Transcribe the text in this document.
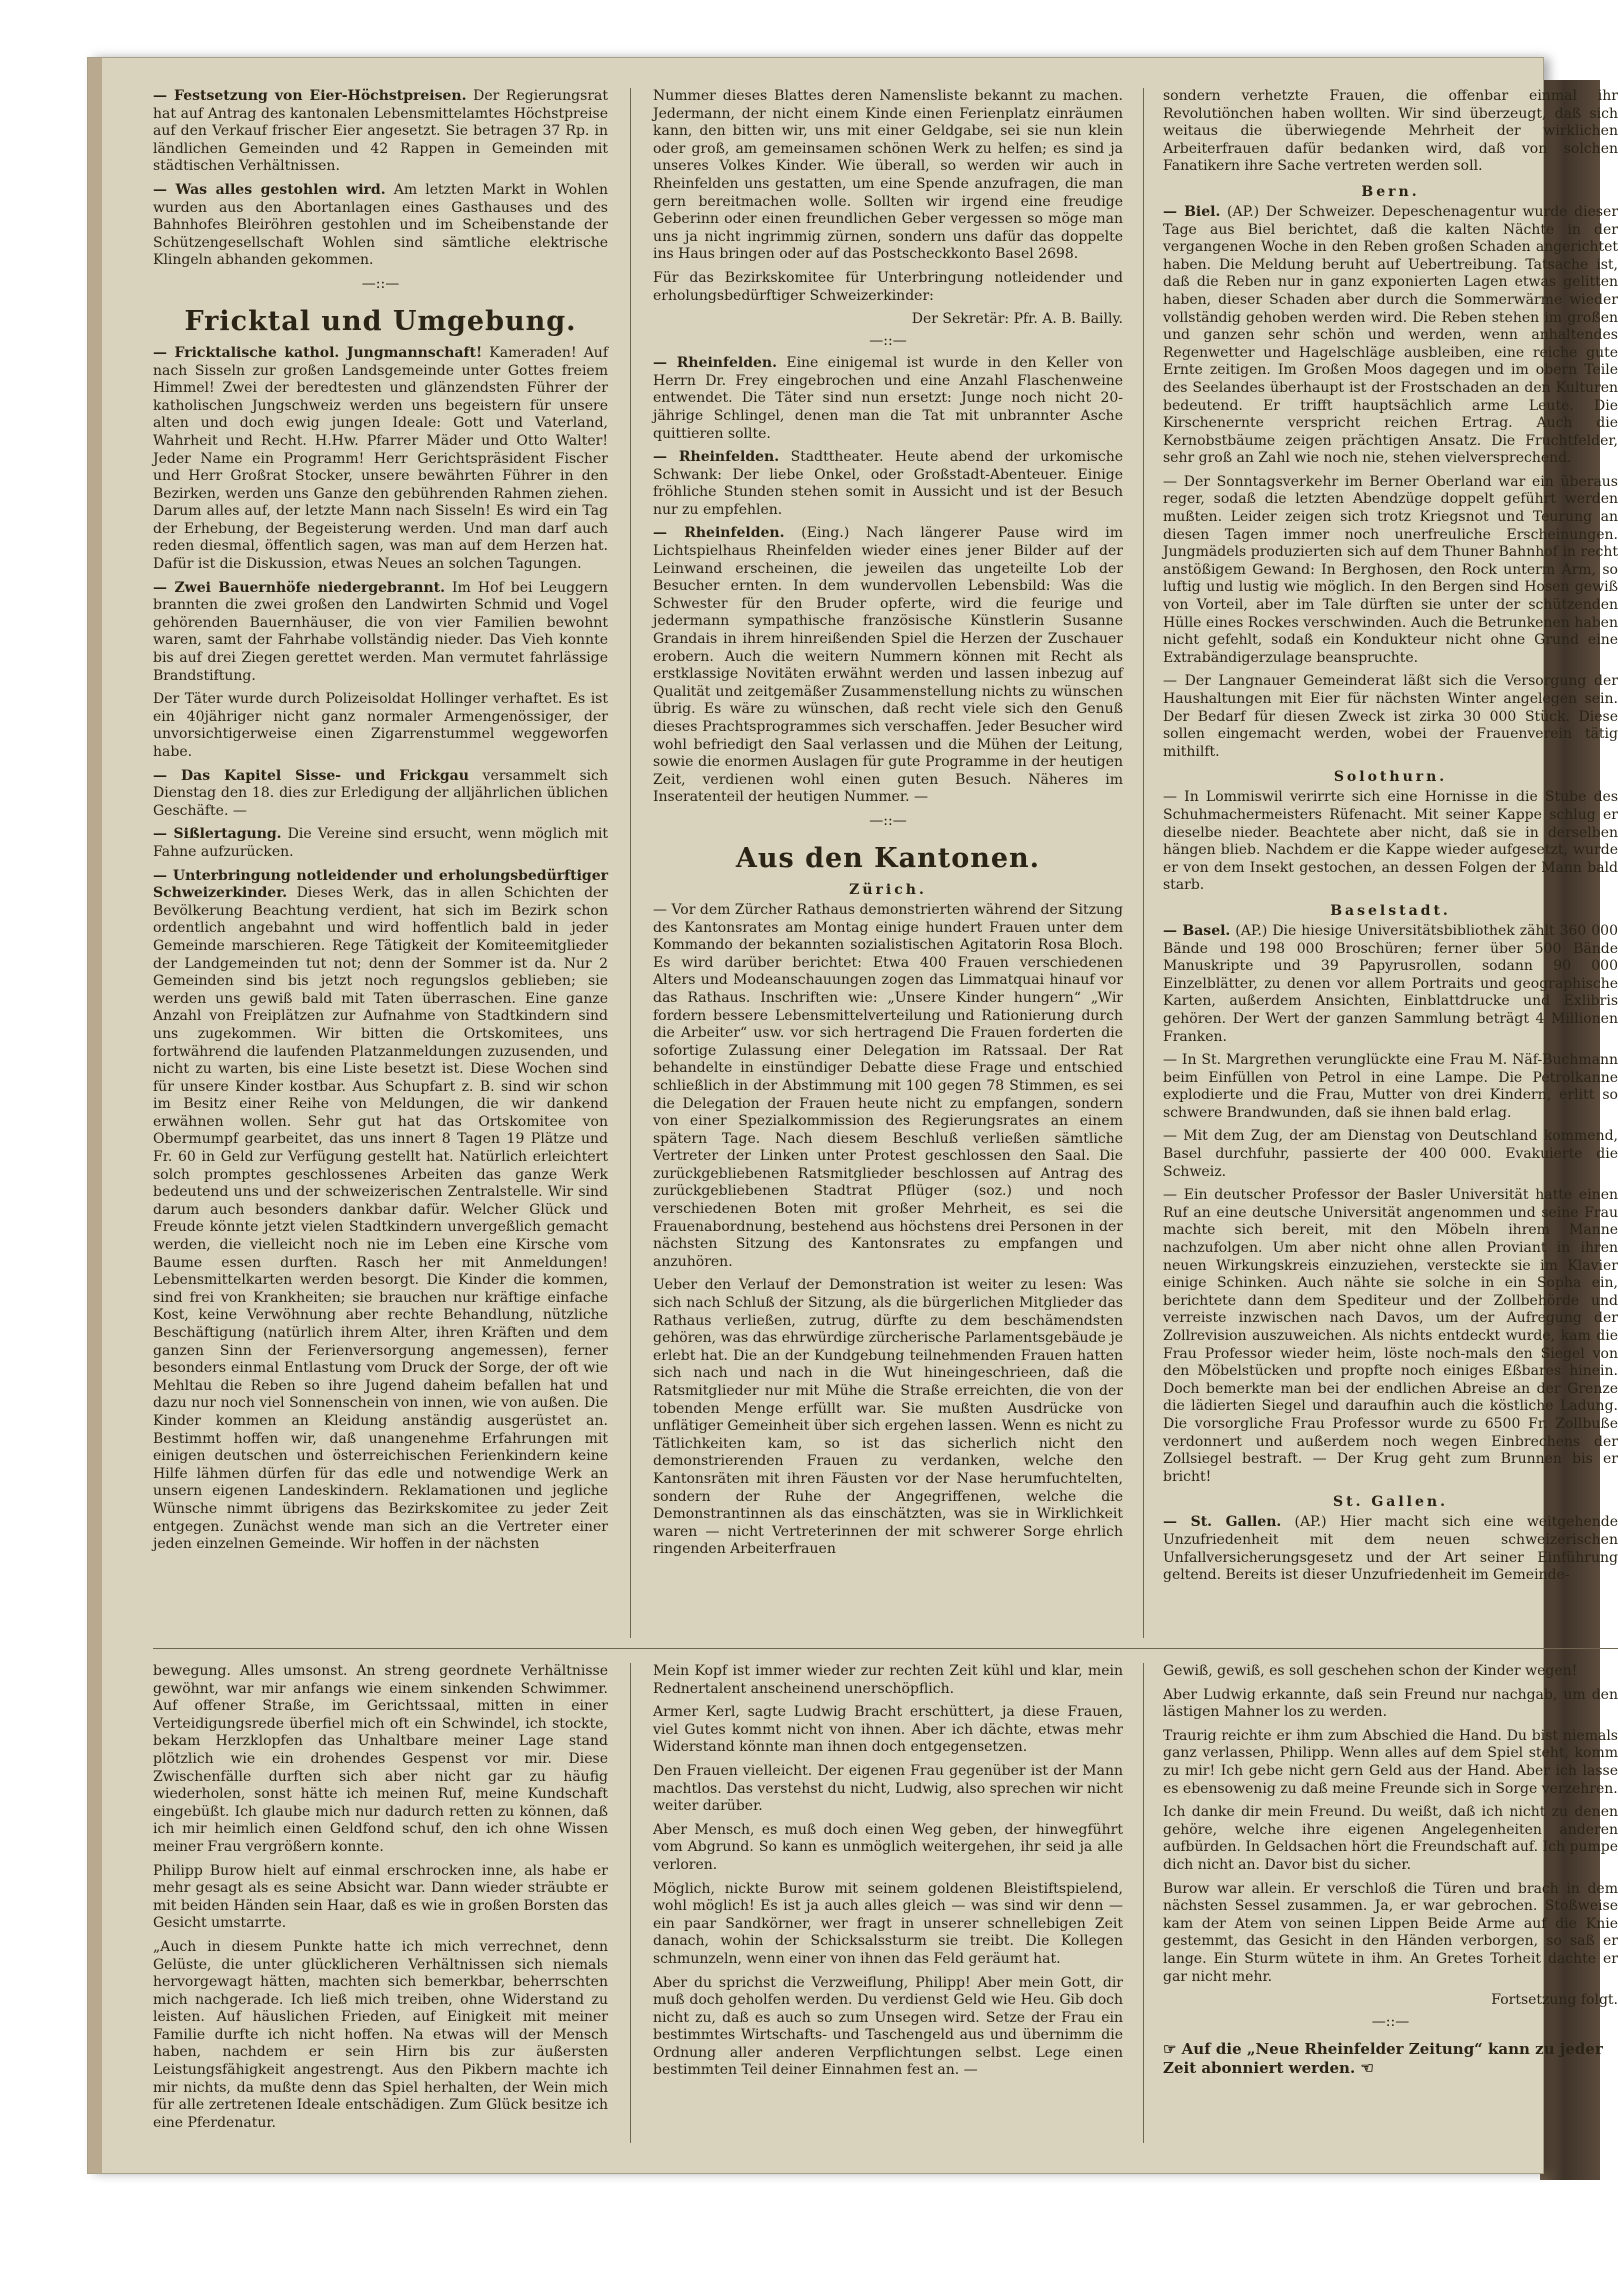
— Festsetzung von Eier-Höchstpreisen. Der Regierungsrat hat auf Antrag des kantonalen Lebensmittelamtes Höchstpreise auf den Verkauf frischer Eier angesetzt. Sie betragen 37 Rp. in ländlichen Gemeinden und 42 Rappen in Gemeinden mit städtischen Verhältnissen.

— Was alles gestohlen wird. Am letzten Markt in Wohlen wurden aus den Abortanlagen eines Gasthauses und des Bahnhofes Bleiröhren gestohlen und im Scheibenstande der Schützengesellschaft Wohlen sind sämtliche elektrische Klingeln abhanden gekommen.

—::—
Fricktal und Umgebung.

— Fricktalische kathol. Jungmannschaft! Kameraden! Auf nach Sisseln zur großen Landsgemeinde unter Gottes freiem Himmel! Zwei der beredtesten und glänzendsten Führer der katholischen Jungschweiz werden uns begeistern für unsere alten und doch ewig jungen Ideale: Gott und Vaterland, Wahrheit und Recht. H.Hw. Pfarrer Mäder und Otto Walter! Jeder Name ein Programm! Herr Gerichtspräsident Fischer und Herr Großrat Stocker, unsere bewährten Führer in den Bezirken, werden uns Ganze den gebührenden Rahmen ziehen. Darum alles auf, der letzte Mann nach Sisseln! Es wird ein Tag der Erhebung, der Begeisterung werden. Und man darf auch reden diesmal, öffentlich sagen, was man auf dem Herzen hat. Dafür ist die Diskussion, etwas Neues an solchen Tagungen.

— Zwei Bauernhöfe niedergebrannt. Im Hof bei Leuggern brannten die zwei großen den Landwirten Schmid und Vogel gehörenden Bauernhäuser, die von vier Familien bewohnt waren, samt der Fahrhabe vollständig nieder. Das Vieh konnte bis auf drei Ziegen gerettet werden. Man vermutet fahrlässige Brandstiftung.

Der Täter wurde durch Polizeisoldat Hollinger verhaftet. Es ist ein 40jähriger nicht ganz normaler Armengenössiger, der unvorsichtigerweise einen Zigarrenstummel weggeworfen habe.

— Das Kapitel Sisse- und Frickgau versammelt sich Dienstag den 18. dies zur Erledigung der alljährlichen üblichen Geschäfte. —

— Sißlertagung. Die Vereine sind ersucht, wenn möglich mit Fahne aufzurücken.

— Unterbringung notleidender und erholungsbedürftiger Schweizerkinder. Dieses Werk, das in allen Schichten der Bevölkerung Beachtung verdient, hat sich im Bezirk schon ordentlich angebahnt und wird hoffentlich bald in jeder Gemeinde marschieren. Rege Tätigkeit der Komiteemitglieder der Landgemeinden tut not; denn der Sommer ist da. Nur 2 Gemeinden sind bis jetzt noch regungslos geblieben; sie werden uns gewiß bald mit Taten überraschen. Eine ganze Anzahl von Freiplätzen zur Aufnahme von Stadtkindern sind uns zugekommen. Wir bitten die Ortskomitees, uns fortwährend die laufenden Platzanmeldungen zuzusenden, und nicht zu warten, bis eine Liste besetzt ist. Diese Wochen sind für unsere Kinder kostbar. Aus Schupfart z. B. sind wir schon im Besitz einer Reihe von Meldungen, die wir dankend erwähnen wollen. Sehr gut hat das Ortskomitee von Obermumpf gearbeitet, das uns innert 8 Tagen 19 Plätze und Fr. 60 in Geld zur Verfügung gestellt hat. Natürlich erleichtert solch promptes geschlossenes Arbeiten das ganze Werk bedeutend uns und der schweizerischen Zentralstelle. Wir sind darum auch besonders dankbar dafür. Welcher Glück und Freude könnte jetzt vielen Stadtkindern unvergeßlich gemacht werden, die vielleicht noch nie im Leben eine Kirsche vom Baume essen durften. Rasch her mit Anmeldungen! Lebensmittelkarten werden besorgt. Die Kinder die kommen, sind frei von Krankheiten; sie brauchen nur kräftige einfache Kost, keine Verwöhnung aber rechte Behandlung, nützliche Beschäftigung (natürlich ihrem Alter, ihren Kräften und dem ganzen Sinn der Ferienversorgung angemessen), ferner besonders einmal Entlastung vom Druck der Sorge, der oft wie Mehltau die Reben so ihre Jugend daheim befallen hat und dazu nur noch viel Sonnenschein von innen, wie von außen. Die Kinder kommen an Kleidung anständig ausgerüstet an. Bestimmt hoffen wir, daß unangenehme Erfahrungen mit einigen deutschen und österreichischen Ferienkindern keine Hilfe lähmen dürfen für das edle und notwendige Werk an unsern eigenen Landeskindern. Reklamationen und jegliche Wünsche nimmt übrigens das Bezirkskomitee zu jeder Zeit entgegen. Zunächst wende man sich an die Vertreter einer jeden einzelnen Gemeinde. Wir hoffen in der nächsten

Nummer dieses Blattes deren Namensliste bekannt zu machen. Jedermann, der nicht einem Kinde einen Ferienplatz einräumen kann, den bitten wir, uns mit einer Geldgabe, sei sie nun klein oder groß, am gemeinsamen schönen Werk zu helfen; es sind ja unseres Volkes Kinder. Wie überall, so werden wir auch in Rheinfelden uns gestatten, um eine Spende anzufragen, die man gern bereitmachen wolle. Sollten wir irgend eine freudige Geberinn oder einen freundlichen Geber vergessen so möge man uns ja nicht ingrimmig zürnen, sondern uns dafür das doppelte ins Haus bringen oder auf das Postscheckkonto Basel 2698.

Für das Bezirkskomitee für Unterbringung notleidender und erholungsbedürftiger Schweizerkinder:

Der Sekretär: Pfr. A. B. Bailly.
—::—

— Rheinfelden. Eine einigemal ist wurde in den Keller von Herrn Dr. Frey eingebrochen und eine Anzahl Flaschenweine entwendet. Die Täter sind nun ersetzt: Junge noch nicht 20-jährige Schlingel, denen man die Tat mit unbrannter Asche quittieren sollte.

— Rheinfelden. Stadttheater. Heute abend der urkomische Schwank: Der liebe Onkel, oder Großstadt-Abenteuer. Einige fröhliche Stunden stehen somit in Aussicht und ist der Besuch nur zu empfehlen.

— Rheinfelden. (Eing.) Nach längerer Pause wird im Lichtspielhaus Rheinfelden wieder eines jener Bilder auf der Leinwand erscheinen, die jeweilen das ungeteilte Lob der Besucher ernten. In dem wundervollen Lebensbild: Was die Schwester für den Bruder opferte, wird die feurige und jedermann sympathische französische Künstlerin Susanne Grandais in ihrem hinreißenden Spiel die Herzen der Zuschauer erobern. Auch die weitern Nummern können mit Recht als erstklassige Novitäten erwähnt werden und lassen inbezug auf Qualität und zeitgemäßer Zusammenstellung nichts zu wünschen übrig. Es wäre zu wünschen, daß recht viele sich den Genuß dieses Prachtsprogrammes sich verschaffen. Jeder Besucher wird wohl befriedigt den Saal verlassen und die Mühen der Leitung, sowie die enormen Auslagen für gute Programme in der heutigen Zeit, verdienen wohl einen guten Besuch. Näheres im Inseratenteil der heutigen Nummer. —

—::—
Aus den Kantonen.
Zürich.

— Vor dem Zürcher Rathaus demonstrierten während der Sitzung des Kantonsrates am Montag einige hundert Frauen unter dem Kommando der bekannten sozialistischen Agitatorin Rosa Bloch. Es wird darüber berichtet: Etwa 400 Frauen verschiedenen Alters und Modeanschauungen zogen das Limmatquai hinauf vor das Rathaus. Inschriften wie: „Unsere Kinder hungern“ „Wir fordern bessere Lebensmittelverteilung und Rationierung durch die Arbeiter“ usw. vor sich hertragend Die Frauen forderten die sofortige Zulassung einer Delegation im Ratssaal. Der Rat behandelte in einstündiger Debatte diese Frage und entschied schließlich in der Abstimmung mit 100 gegen 78 Stimmen, es sei die Delegation der Frauen heute nicht zu empfangen, sondern von einer Spezialkommission des Regierungsrates an einem spätern Tage. Nach diesem Beschluß verließen sämtliche Vertreter der Linken unter Protest geschlossen den Saal. Die zurückgebliebenen Ratsmitglieder beschlossen auf Antrag des zurückgebliebenen Stadtrat Pflüger (soz.) und noch verschiedenen Boten mit großer Mehrheit, es sei die Frauenabordnung, bestehend aus höchstens drei Personen in der nächsten Sitzung des Kantonsrates zu empfangen und anzuhören.

Ueber den Verlauf der Demonstration ist weiter zu lesen: Was sich nach Schluß der Sitzung, als die bürgerlichen Mitglieder das Rathaus verließen, zutrug, dürfte zu dem beschämendsten gehören, was das ehrwürdige zürcherische Parlamentsgebäude je erlebt hat. Die an der Kundgebung teilnehmenden Frauen hatten sich nach und nach in die Wut hineingeschrieen, daß die Ratsmitglieder nur mit Mühe die Straße erreichten, die von der tobenden Menge erfüllt war. Sie mußten Ausdrücke von unflätiger Gemeinheit über sich ergehen lassen. Wenn es nicht zu Tätlichkeiten kam, so ist das sicherlich nicht den demonstrierenden Frauen zu verdanken, welche den Kantonsräten mit ihren Fäusten vor der Nase herumfuchtelten, sondern der Ruhe der Angegriffenen, welche die Demonstrantinnen als das einschätzten, was sie in Wirklichkeit waren — nicht Vertreterinnen der mit schwerer Sorge ehrlich ringenden Arbeiterfrauen

sondern verhetzte Frauen, die offenbar einmal ihr Revolutiönchen haben wollten. Wir sind überzeugt, daß sich weitaus die überwiegende Mehrheit der wirklichen Arbeiterfrauen dafür bedanken wird, daß von solchen Fanatikern ihre Sache vertreten werden soll.

Bern.

— Biel. (AP.) Der Schweizer. Depeschenagentur wurde dieser Tage aus Biel berichtet, daß die kalten Nächte in der vergangenen Woche in den Reben großen Schaden angerichtet haben. Die Meldung beruht auf Uebertreibung. Tatsache ist, daß die Reben nur in ganz exponierten Lagen etwas gelitten haben, dieser Schaden aber durch die Sommerwärme wieder vollständig gehoben werden wird. Die Reben stehen im großen und ganzen sehr schön und werden, wenn anhaltendes Regenwetter und Hagelschläge ausbleiben, eine reiche gute Ernte zeitigen. Im Großen Moos dagegen und im obern Teile des Seelandes überhaupt ist der Frostschaden an den Kulturen bedeutend. Er trifft hauptsächlich arme Leute. Die Kirschenernte verspricht reichen Ertrag. Auch die Kernobstbäume zeigen prächtigen Ansatz. Die Fruchtfelder, sehr groß an Zahl wie noch nie, stehen vielversprechend.

— Der Sonntagsverkehr im Berner Oberland war ein überaus reger, sodaß die letzten Abendzüge doppelt geführt werden mußten. Leider zeigen sich trotz Kriegsnot und Teurung an diesen Tagen immer noch unerfreuliche Erscheinungen. Jungmädels produzierten sich auf dem Thuner Bahnhof in recht anstößigem Gewand: In Berghosen, den Rock unterm Arm, so luftig und lustig wie möglich. In den Bergen sind Hosen gewiß von Vorteil, aber im Tale dürften sie unter der schützenden Hülle eines Rockes verschwinden. Auch die Betrunkenen haben nicht gefehlt, sodaß ein Kondukteur nicht ohne Grund eine Extrabändigerzulage beanspruchte.

— Der Langnauer Gemeinderat läßt sich die Versorgung der Haushaltungen mit Eier für nächsten Winter angelegen sein. Der Bedarf für diesen Zweck ist zirka 30 000 Stück. Diese sollen eingemacht werden, wobei der Frauenverein tätig mithilft.

Solothurn.

— In Lommiswil verirrte sich eine Hornisse in die Stube des Schuhmachermeisters Rüfenacht. Mit seiner Kappe schlug er dieselbe nieder. Beachtete aber nicht, daß sie in derselben hängen blieb. Nachdem er die Kappe wieder aufgesetzt, wurde er von dem Insekt gestochen, an dessen Folgen der Mann bald starb.

Baselstadt.

— Basel. (AP.) Die hiesige Universitätsbibliothek zählt 360 000 Bände und 198 000 Broschüren; ferner über 500 Bände Manuskripte und 39 Papyrusrollen, sodann 90 000 Einzelblätter, zu denen vor allem Portraits und geographische Karten, außerdem Ansichten, Einblattdrucke und Exlibris gehören. Der Wert der ganzen Sammlung beträgt 4 Millionen Franken.

— In St. Margrethen verunglückte eine Frau M. Näf-Buchmann beim Einfüllen von Petrol in eine Lampe. Die Petrolkanne explodierte und die Frau, Mutter von drei Kindern, erlitt so schwere Brandwunden, daß sie ihnen bald erlag.

— Mit dem Zug, der am Dienstag von Deutschland kommend, Basel durchfuhr, passierte der 400 000. Evakuierte die Schweiz.

— Ein deutscher Professor der Basler Universität hatte einen Ruf an eine deutsche Universität angenommen und seine Frau machte sich bereit, mit den Möbeln ihrem Manne nachzufolgen. Um aber nicht ohne allen Proviant in ihren neuen Wirkungskreis einzuziehen, versteckte sie im Klavier einige Schinken. Auch nähte sie solche in ein Sopha ein, berichtete dann dem Spediteur und der Zollbehörde und verreiste inzwischen nach Davos, um der Aufregung der Zollrevision auszuweichen. Als nichts entdeckt wurde, kam die Frau Professor wieder heim, löste noch-mals den Siegel von den Möbelstücken und propfte noch einiges Eßbares hinein. Doch bemerkte man bei der endlichen Abreise an der Grenze die lädierten Siegel und daraufhin auch die köstliche Ladung. Die vorsorgliche Frau Professor wurde zu 6500 Fr. Zollbuße verdonnert und außerdem noch wegen Einbrechens der Zollsiegel bestraft. — Der Krug geht zum Brunnen bis er bricht!

St. Gallen.

— St. Gallen. (AP.) Hier macht sich eine weitgehende Unzufriedenheit mit dem neuen schweizerischen Unfallversicherungsgesetz und der Art seiner Einführung geltend. Bereits ist dieser Unzufriedenheit im Gemeinde-

bewegung. Alles umsonst. An streng geordnete Verhältnisse gewöhnt, war mir anfangs wie einem sinkenden Schwimmer. Auf offener Straße, im Gerichtssaal, mitten in einer Verteidigungsrede überfiel mich oft ein Schwindel, ich stockte, bekam Herzklopfen das Unhaltbare meiner Lage stand plötzlich wie ein drohendes Gespenst vor mir. Diese Zwischenfälle durften sich aber nicht gar zu häufig wiederholen, sonst hätte ich meinen Ruf, meine Kundschaft eingebüßt. Ich glaube mich nur dadurch retten zu können, daß ich mir heimlich einen Geldfond schuf, den ich ohne Wissen meiner Frau vergrößern konnte.

Philipp Burow hielt auf einmal erschrocken inne, als habe er mehr gesagt als es seine Absicht war. Dann wieder sträubte er mit beiden Händen sein Haar, daß es wie in großen Borsten das Gesicht umstarrte.

„Auch in diesem Punkte hatte ich mich verrechnet, denn Gelüste, die unter glücklicheren Verhältnissen sich niemals hervorgewagt hätten, machten sich bemerkbar, beherrschten mich nachgerade. Ich ließ mich treiben, ohne Widerstand zu leisten. Auf häuslichen Frieden, auf Einigkeit mit meiner Familie durfte ich nicht hoffen. Na etwas will der Mensch haben, nachdem er sein Hirn bis zur äußersten Leistungsfähigkeit angestrengt. Aus den Pikbern machte ich mir nichts, da mußte denn das Spiel herhalten, der Wein mich für alle zertretenen Ideale entschädigen. Zum Glück besitze ich eine Pferdenatur.

Mein Kopf ist immer wieder zur rechten Zeit kühl und klar, mein Rednertalent anscheinend unerschöpflich.

Armer Kerl, sagte Ludwig Bracht erschüttert, ja diese Frauen, viel Gutes kommt nicht von ihnen. Aber ich dächte, etwas mehr Widerstand könnte man ihnen doch entgegensetzen.

Den Frauen vielleicht. Der eigenen Frau gegenüber ist der Mann machtlos. Das verstehst du nicht, Ludwig, also sprechen wir nicht weiter darüber.

Aber Mensch, es muß doch einen Weg geben, der hinwegführt vom Abgrund. So kann es unmöglich weitergehen, ihr seid ja alle verloren.

Möglich, nickte Burow mit seinem goldenen Bleistiftspielend, wohl möglich! Es ist ja auch alles gleich — was sind wir denn — ein paar Sandkörner, wer fragt in unserer schnellebigen Zeit danach, wohin der Schicksalssturm sie treibt. Die Kollegen schmunzeln, wenn einer von ihnen das Feld geräumt hat.

Aber du sprichst die Verzweiflung, Philipp! Aber mein Gott, dir muß doch geholfen werden. Du verdienst Geld wie Heu. Gib doch nicht zu, daß es auch so zum Unsegen wird. Setze der Frau ein bestimmtes Wirtschafts- und Taschengeld aus und übernimm die Ordnung aller anderen Verpflichtungen selbst. Lege einen bestimmten Teil deiner Einnahmen fest an. —

Gewiß, gewiß, es soll geschehen schon der Kinder wegen!

Aber Ludwig erkannte, daß sein Freund nur nachgab, um den lästigen Mahner los zu werden.

Traurig reichte er ihm zum Abschied die Hand. Du bist niemals ganz verlassen, Philipp. Wenn alles auf dem Spiel steht, komm zu mir! Ich gebe nicht gern Geld aus der Hand. Aber ich lasse es ebensowenig zu daß meine Freunde sich in Sorge verzehren.

Ich danke dir mein Freund. Du weißt, daß ich nicht zu denen gehöre, welche ihre eigenen Angelegenheiten anderen aufbürden. In Geldsachen hört die Freundschaft auf. Ich pumpe dich nicht an. Davor bist du sicher.

Burow war allein. Er verschloß die Türen und brach in dem nächsten Sessel zusammen. Ja, er war gebrochen. Stoßweise kam der Atem von seinen Lippen Beide Arme auf die Knie gestemmt, das Gesicht in den Händen verborgen, so saß er lange. Ein Sturm wütete in ihm. An Gretes Torheit dachte er gar nicht mehr.

Fortsetzung folgt.
—::—

☞ Auf die „Neue Rheinfelder Zeitung“ kann zu jeder Zeit abonniert werden. ☜
